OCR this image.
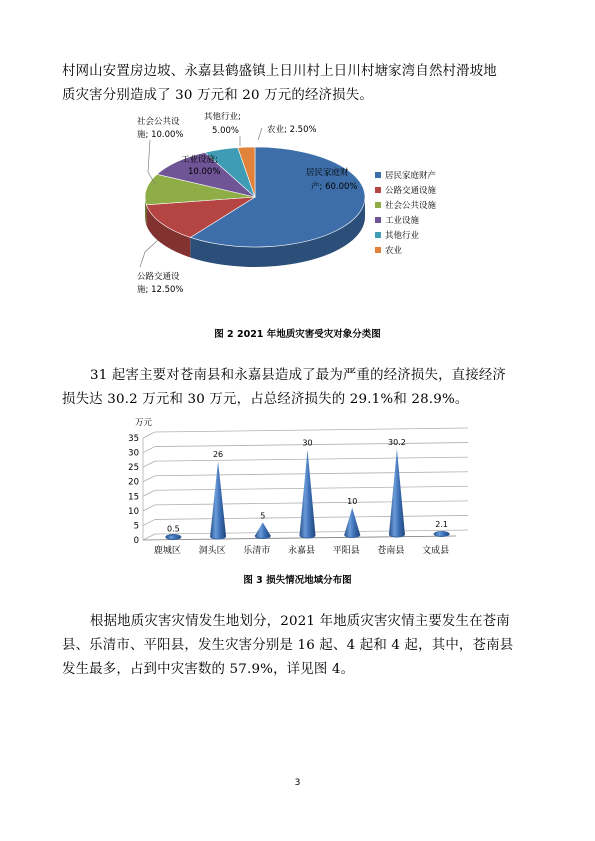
村网山安置房边坡、永嘉县鹤盛镇上日川村上日川村塘家湾自然村滑坡地
质灾害分别造成了 30 万元和 20 万元的经济损失。

居民家庭财
产; 60.00%
公路交通设
施; 12.50%
社会公共设
施; 10.00%
工业设施;
10.00%
其他行业;
5.00%	农业; 2.50%
居民家庭财产
公路交通设施
社会公共设施
工业设施
其他行业
农业
图 2 2021 年地质灾害受灾对象分类图

31 起害主要对苍南县和永嘉县造成了最为严重的经济损失，直接经济
损失达 30.2 万元和 30 万元，占总经济损失的 29.1%和 28.9%。

万元
0
5
10
15
20
25
30
35
0.5
26
5
30
10
30.2
2.1
鹿城区 洞头区 乐清市 永嘉县 平阳县 苍南县 文成县
图 3 损失情况地域分布图

根据地质灾害灾情发生地划分，2021 年地质灾害灾情主要发生在苍南
县、乐清市、平阳县，发生灾害分别是 16 起、4 起和 4 起，其中，苍南县
发生最多，占到中灾害数的 57.9%，详见图 4。

3
